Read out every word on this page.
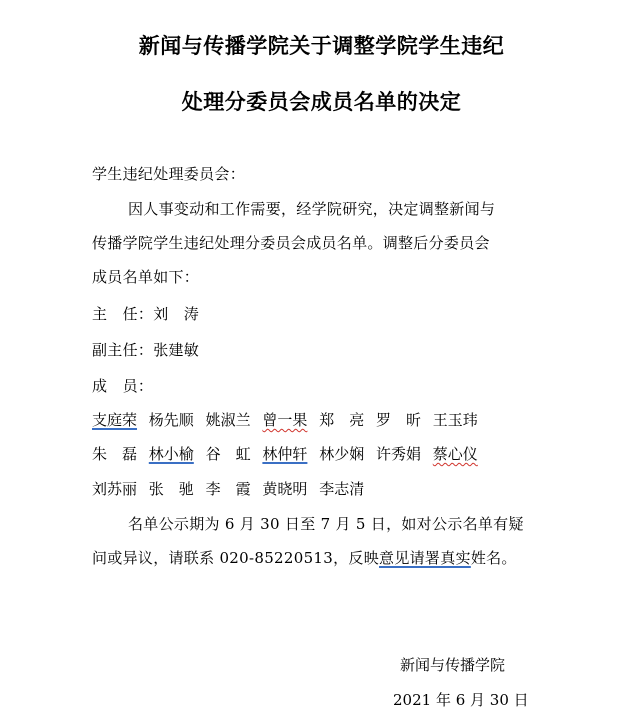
新闻与传播学院关于调整学院学生违纪
处理分委员会成员名单的决定
学生违纪处理委员会：
因人事变动和工作需要，经学院研究，决定调整新闻与
传播学院学生违纪处理分委员会成员名单。调整后分委员会
成员名单如下：
主　任：刘　涛
副主任：张建敏
成　员：
支庭荣 杨先顺 姚淑兰 曾一果 郑　亮 罗　昕 王玉玮
朱　磊 林小榆 谷　虹 林仲轩 林少娴 许秀娟 蔡心仪
刘苏丽 张　驰 李　霞 黄晓明 李志清
名单公示期为 6 月 30 日至 7 月 5 日，如对公示名单有疑
问或异议，请联系 020-85220513，反映意见请署真实姓名。
新闻与传播学院
2021 年 6 月 30 日
